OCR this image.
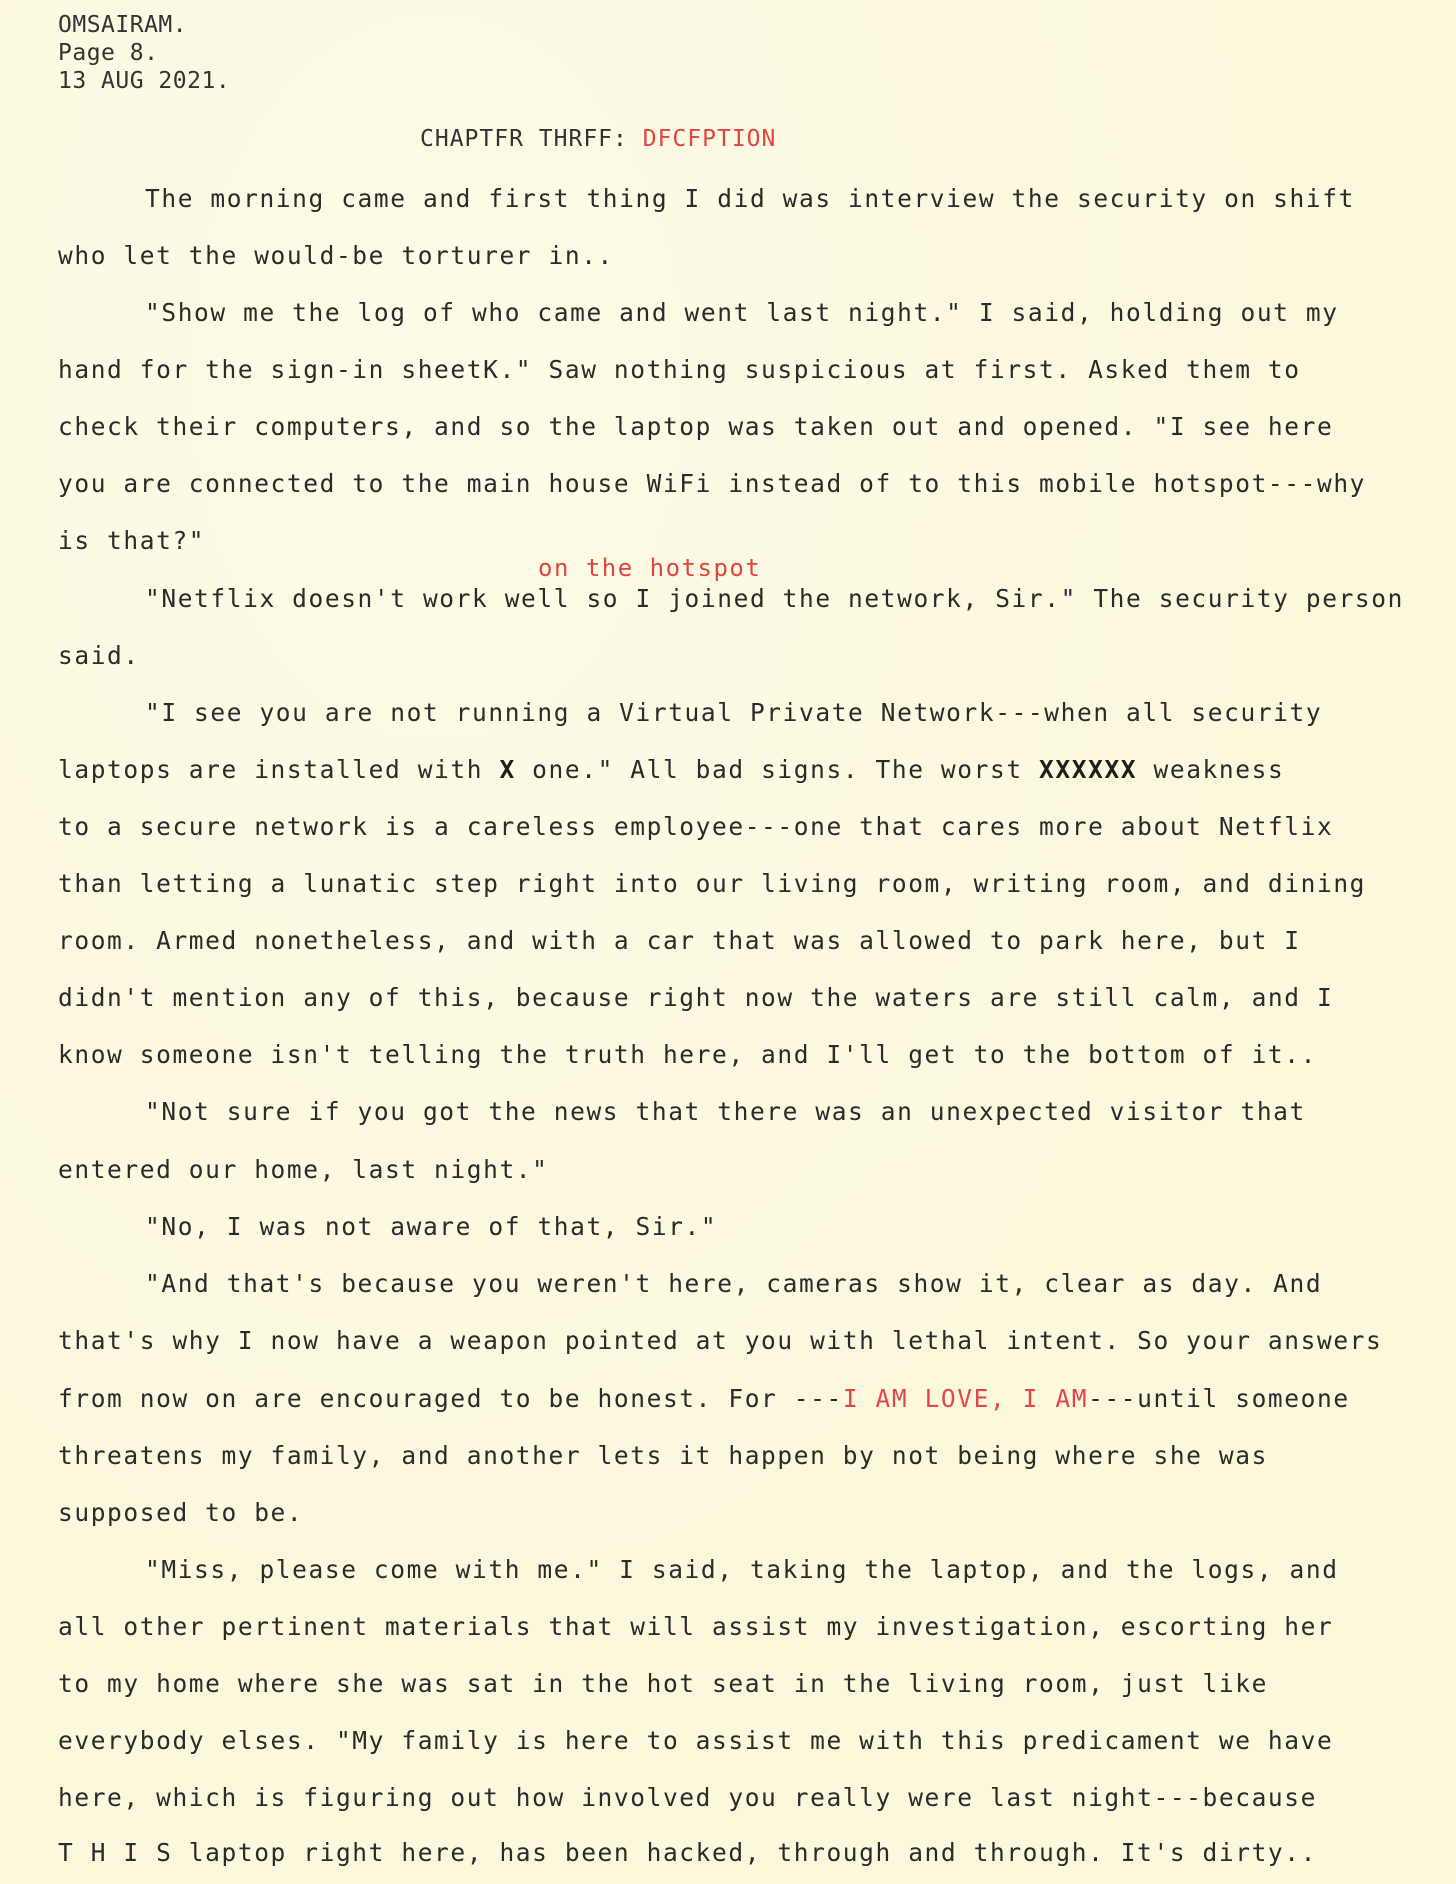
OMSAIRAM.
Page 8.
13 AUG 2021.
CHAPTFR THRFF: DFCFPTION
on the hotspot
The morning came and first thing I did was interview the security on shift
who let the would-be torturer in..
"Show me the log of who came and went last night." I said, holding out my
hand for the sign-in sheetK." Saw nothing suspicious at first. Asked them to
check their computers, and so the laptop was taken out and opened. "I see here
you are connected to the main house WiFi instead of to this mobile hotspot---why
is that?"
"Netflix doesn't work well so I joined the network, Sir." The security person
said.
"I see you are not running a Virtual Private Network---when all security
laptops are installed with X one." All bad signs. The worst XXXXXX weakness
to a secure network is a careless employee---one that cares more about Netflix
than letting a lunatic step right into our living room, writing room, and dining
room. Armed nonetheless, and with a car that was allowed to park here, but I
didn't mention any of this, because right now the waters are still calm, and I
know someone isn't telling the truth here, and I'll get to the bottom of it..
"Not sure if you got the news that there was an unexpected visitor that
entered our home, last night."
"No, I was not aware of that, Sir."
"And that's because you weren't here, cameras show it, clear as day. And
that's why I now have a weapon pointed at you with lethal intent. So your answers
from now on are encouraged to be honest. For ---I AM LOVE, I AM---until someone
threatens my family, and another lets it happen by not being where she was
supposed to be.
"Miss, please come with me." I said, taking the laptop, and the logs, and
all other pertinent materials that will assist my investigation, escorting her
to my home where she was sat in the hot seat in the living room, just like
everybody elses. "My family is here to assist me with this predicament we have
here, which is figuring out how involved you really were last night---because
T H I S laptop right here, has been hacked, through and through. It's dirty..
